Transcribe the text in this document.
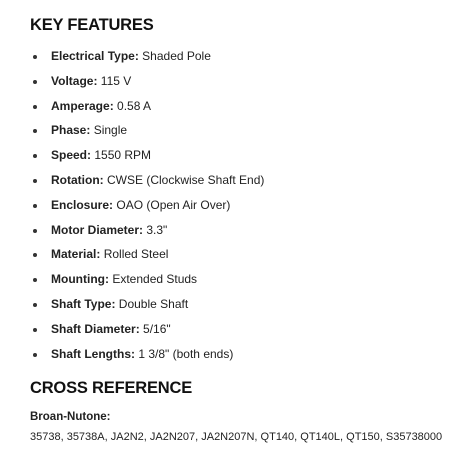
KEY FEATURES
Electrical Type: Shaded Pole
Voltage: 115 V
Amperage: 0.58 A
Phase: Single
Speed: 1550 RPM
Rotation: CWSE (Clockwise Shaft End)
Enclosure: OAO (Open Air Over)
Motor Diameter: 3.3"
Material: Rolled Steel
Mounting: Extended Studs
Shaft Type: Double Shaft
Shaft Diameter: 5/16"
Shaft Lengths: 1 3/8" (both ends)
CROSS REFERENCE
Broan-Nutone:
35738, 35738A, JA2N2, JA2N207, JA2N207N, QT140, QT140L, QT150, S35738000
